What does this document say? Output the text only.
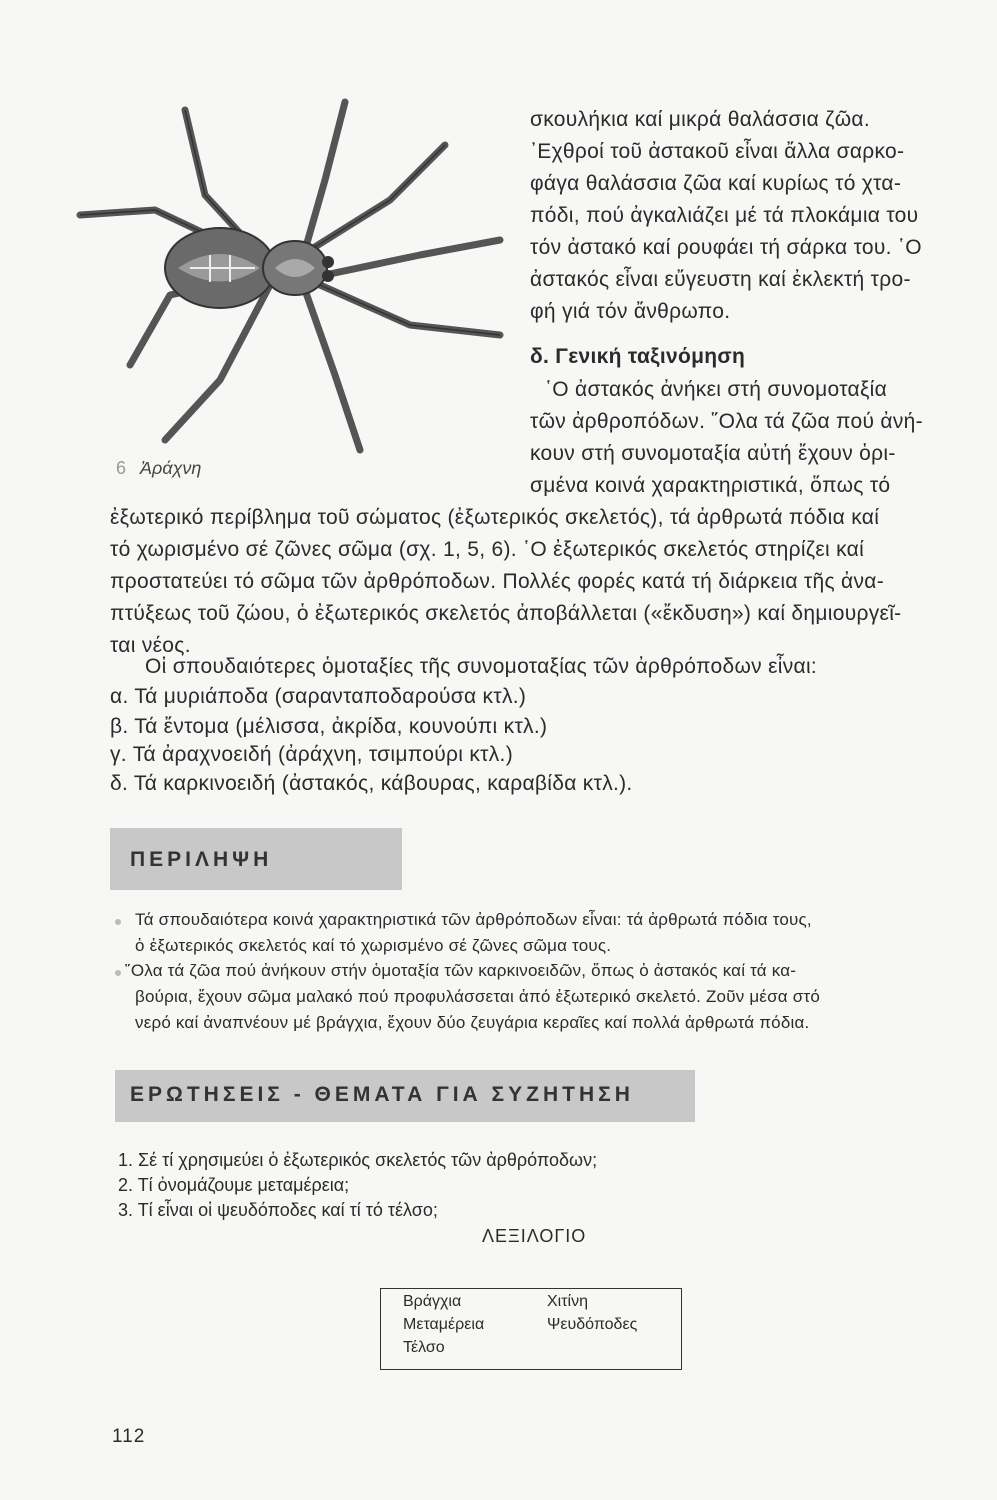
6 Ἀράχνη
σκουλήκια καί μικρά θαλάσσια ζῶα.
᾿Εχθροί τοῦ ἀστακοῦ εἶναι ἄλλα σαρκο-
φάγα θαλάσσια ζῶα καί κυρίως τό χτα-
πόδι, πού ἀγκαλιάζει μέ τά πλοκάμια του
τόν ἀστακό καί ρουφάει τή σάρκα του. ῾Ο
ἀστακός εἶναι εὔγευστη καί ἐκλεκτή τρο-
φή γιά τόν ἄνθρωπο.
δ. Γενική ταξινόμηση
῾Ο ἀστακός ἀνήκει στή συνομοταξία
τῶν ἀρθροπόδων. ῞Ολα τά ζῶα πού ἀνή-
κουν στή συνομοταξία αὐτή ἔχουν ὁρι-
σμένα κοινά χαρακτηριστικά, ὅπως τό
ἐξωτερικό περίβλημα τοῦ σώματος (ἐξωτερικός σκελετός), τά ἀρθρωτά πόδια καί
τό χωρισμένο σέ ζῶνες σῶμα (σχ. 1, 5, 6). ῾Ο ἐξωτερικός σκελετός στηρίζει καί
προστατεύει τό σῶμα τῶν ἀρθρόποδων. Πολλές φορές κατά τή διάρκεια τῆς ἀνα-
πτύξεως τοῦ ζώου, ὁ ἐξωτερικός σκελετός ἀποβάλλεται («ἔκδυση») καί δημιουργεῖ-
ται νέος.
Οἱ σπουδαιότερες ὁμοταξίες τῆς συνομοταξίας τῶν ἀρθρόποδων εἶναι:
α. Τά μυριάποδα (σαρανταποδαρούσα κτλ.)
β. Τά ἔντομα (μέλισσα, ἀκρίδα, κουνούπι κτλ.)
γ. Τά ἀραχνοειδή (ἀράχνη, τσιμπούρι κτλ.)
δ. Τά καρκινοειδή (ἀστακός, κάβουρας, καραβίδα κτλ.).
ΠΕΡΙΛΗΨΗ
Τά σπουδαιότερα κοινά χαρακτηριστικά τῶν ἀρθρόποδων εἶναι: τά ἀρθρωτά πόδια τους,
ὁ ἐξωτερικός σκελετός καί τό χωρισμένο σέ ζῶνες σῶμα τους.
῞Ολα τά ζῶα πού ἀνήκουν στήν ὁμοταξία τῶν καρκινοειδῶν, ὅπως ὁ ἀστακός καί τά κα-
βούρια, ἔχουν σῶμα μαλακό πού προφυλάσσεται ἀπό ἐξωτερικό σκελετό. Ζοῦν μέσα στό
νερό καί ἀναπνέουν μέ βράγχια, ἔχουν δύο ζευγάρια κεραῖες καί πολλά ἀρθρωτά πόδια.
ΕΡΩΤΗΣΕΙΣ - ΘΕΜΑΤΑ ΓΙΑ ΣΥΖΗΤΗΣΗ
1. Σέ τί χρησιμεύει ὁ ἐξωτερικός σκελετός τῶν ἀρθρόποδων;
2. Τί ὀνομάζουμε μεταμέρεια;
3. Τί εἶναι οἱ ψευδόποδες καί τί τό τέλσο;
ΛΕΞΙΛΟΓΙΟ
Βράγχια	Χιτίνη
Μεταμέρεια	Ψευδόποδες
Τέλσο
112
